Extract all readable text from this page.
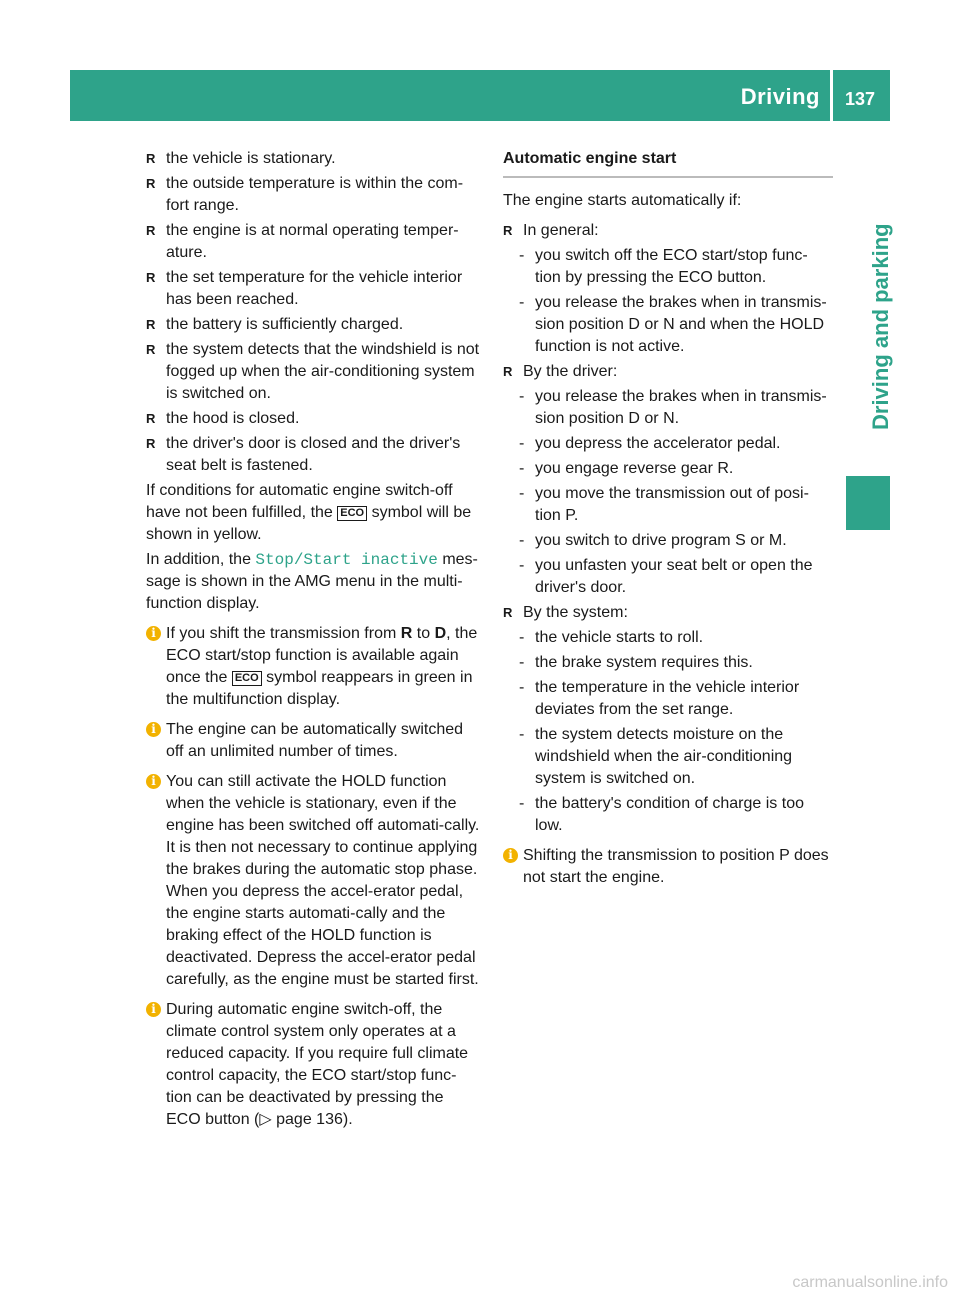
Driving 137
Driving and parking
R the vehicle is stationary.
R the outside temperature is within the com-fort range.
R the engine is at normal operating temper-ature.
R the set temperature for the vehicle interior has been reached.
R the battery is sufficiently charged.
R the system detects that the windshield is not fogged up when the air-conditioning system is switched on.
R the hood is closed.
R the driver's door is closed and the driver's seat belt is fastened.
If conditions for automatic engine switch-off have not been fulfilled, the ECO symbol will be shown in yellow.
In addition, the Stop/Start inactive mes-sage is shown in the AMG menu in the multi-function display.
i If you shift the transmission from R to D, the ECO start/stop function is available again once the ECO symbol reappears in green in the multifunction display.
i The engine can be automatically switched off an unlimited number of times.
i You can still activate the HOLD function when the vehicle is stationary, even if the engine has been switched off automati-cally. It is then not necessary to continue applying the brakes during the automatic stop phase. When you depress the accel-erator pedal, the engine starts automati-cally and the braking effect of the HOLD function is deactivated. Depress the accel-erator pedal carefully, as the engine must be started first.
i During automatic engine switch-off, the climate control system only operates at a reduced capacity. If you require full climate control capacity, the ECO start/stop func-tion can be deactivated by pressing the ECO button (▷ page 136).
Automatic engine start
The engine starts automatically if:
R In general:
- you switch off the ECO start/stop func-tion by pressing the ECO button.
- you release the brakes when in transmis-sion position D or N and when the HOLD function is not active.
R By the driver:
- you release the brakes when in transmis-sion position D or N.
- you depress the accelerator pedal.
- you engage reverse gear R.
- you move the transmission out of posi-tion P.
- you switch to drive program S or M.
- you unfasten your seat belt or open the driver's door.
R By the system:
- the vehicle starts to roll.
- the brake system requires this.
- the temperature in the vehicle interior deviates from the set range.
- the system detects moisture on the windshield when the air-conditioning system is switched on.
- the battery's condition of charge is too low.
i Shifting the transmission to position P does not start the engine.
carmanualsonline.info
